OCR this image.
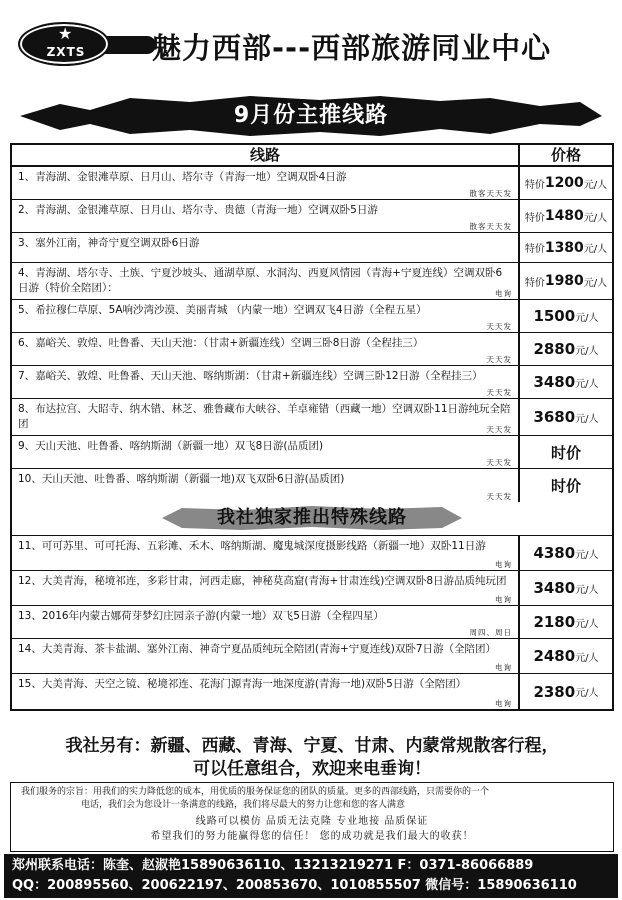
★
ZXTS	魅力西部---西部旅游同业中心
9月份主推线路
线路	价格
1、青海湖、金银滩草原、日月山、塔尔寺（青海一地）空调双卧4日游
散客天天发
特价 1200 元/人
2、青海湖、金银滩草原、日月山、塔尔寺、贵德（青海一地）空调双卧5日游
散客天天发
特价 1480 元/人
3、塞外江南，神奇宁夏空调双卧6日游
特价 1380 元/人
4、青海湖、塔尔寺、土族、宁夏沙坡头、通湖草原、水洞沟、西夏风情园（青海+宁夏连线）空调双卧6日游（特价全陪团）：	电询
特价 1980 元/人
5、希拉穆仁草原、5A响沙湾沙漠、美丽青城 （内蒙一地）空调双飞4日游（全程五星）
天天发
1500 元/人
6、嘉峪关、敦煌、吐鲁番、天山天池：（甘肃+新疆连线）空调三卧8日游（全程挂三）
天天发
2880 元/人
7、嘉峪关、敦煌、吐鲁番、天山天池、喀纳斯湖：（甘肃+新疆连线）空调三卧12日游（全程挂三）
天天发
3480 元/人
8、布达拉宫、大昭寺、纳木错、林芝、雅鲁藏布大峡谷、羊卓雍错（西藏一地）空调双卧11日游纯玩全陪团	天天发
3680 元/人
9、天山天池、吐鲁番、喀纳斯湖（新疆一地）双飞8日游(品质团)
天天发
时价
10、天山天池、吐鲁番、喀纳斯湖（新疆一地)双飞双卧6日游(品质团)
天天发
时价
我社独家推出特殊线路
11、可可苏里、可可托海、五彩滩、禾木、喀纳斯湖、魔鬼城深度摄影线路（新疆一地）双卧11日游
电询
4380 元/人
12、大美青海，秘境祁连，多彩甘肃，河西走廊，神秘莫高窟(青海+甘肃连线)空调双卧8日游品质纯玩团
电询
3480 元/人
13、2016年内蒙古娜荷芽梦幻庄园亲子游(内蒙一地）双飞5日游（全程四星）
周四、周日
2180 元/人
14、大美青海、茶卡盐湖、塞外江南、神奇宁夏品质纯玩全陪团(青海+宁夏连线)双卧7日游（全陪团）
电询
2480 元/人
15、大美青海、天空之镜、秘境祁连、花海门源青海一地深度游(青海一地)双卧5日游（全陪团）
电询
2380 元/人
我社另有：新疆、西藏、青海、宁夏、甘肃、内蒙常规散客行程，
可以任意组合，欢迎来电垂询！
我们服务的宗旨：用我们的实力降低您的成本，用优质的服务保证您的团队的质量。更多的西部线路，只需要你的一个
电话，我们会为您设计一条满意的线路，我们将尽最大的努力让您和您的客人满意
线路可以模仿 品质无法克隆 专业地接 品质保证
希望我们的努力能赢得您的信任！ 您的成功就是我们最大的收获！
郑州联系电话：陈奎、赵淑艳15890636110、13213219271 F：0371-86066889
QQ：200895560、200622197、200853670、1010855507 微信号：15890636110
